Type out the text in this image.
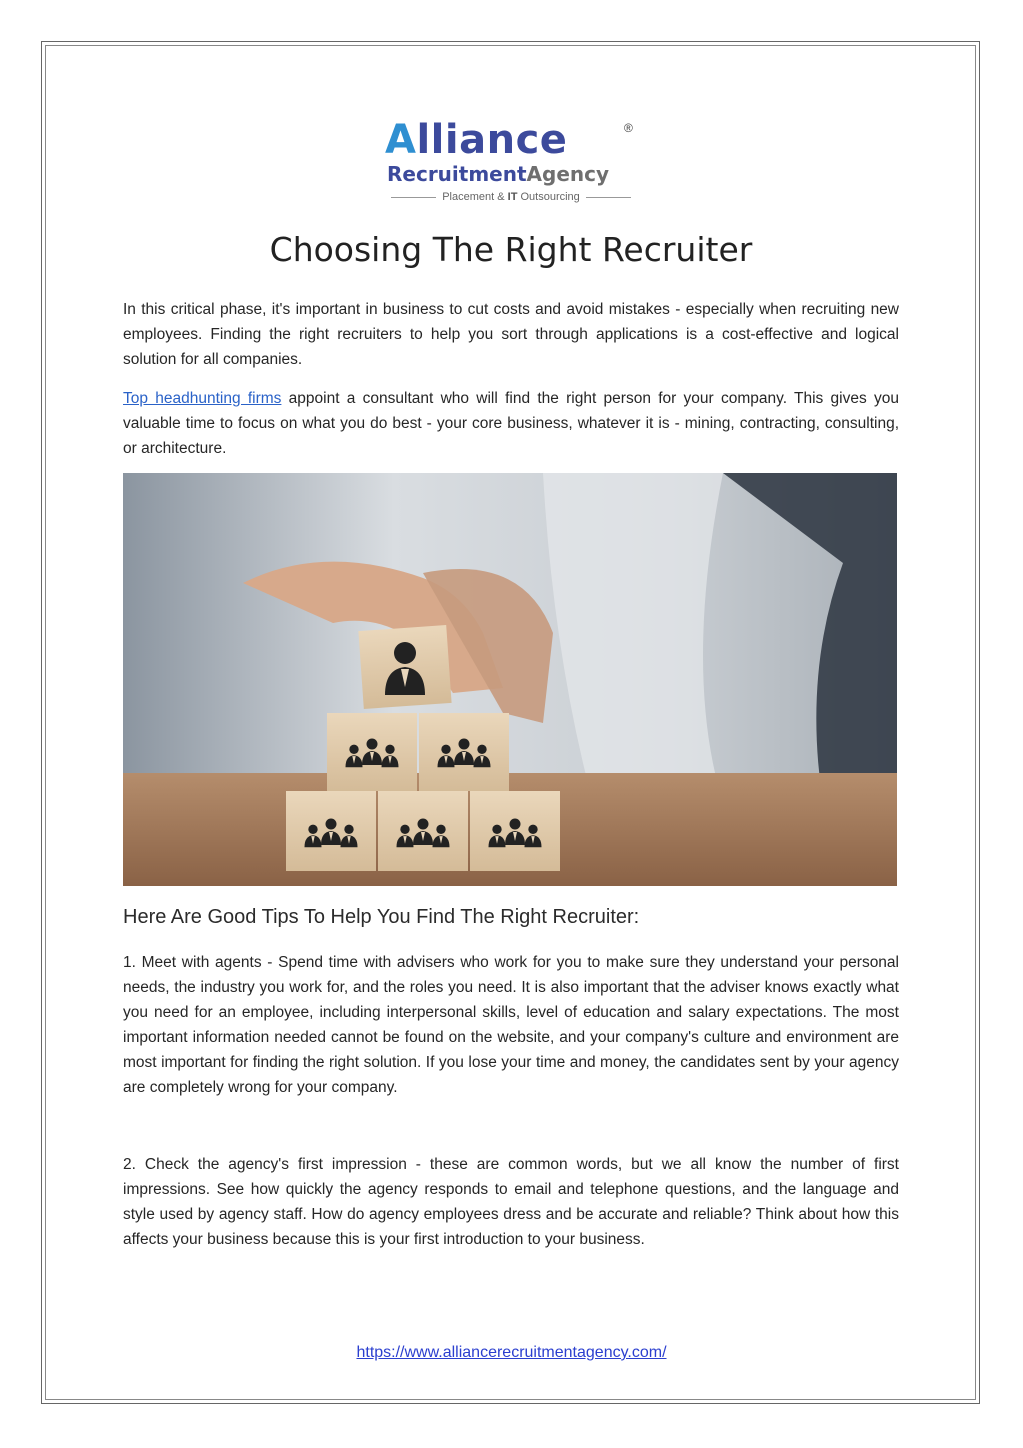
Alliance	®
RecruitmentAgency
Placement & IT Outsourcing
Choosing The Right Recruiter

In this critical phase, it's important in business to cut costs and avoid mistakes - especially when recruiting new employees. Finding the right recruiters to help you sort through applications is a cost-effective and logical solution for all companies.

Top headhunting firms appoint a consultant who will find the right person for your company. This gives you valuable time to focus on what you do best - your core business, whatever it is - mining, contracting, consulting, or architecture.

Here Are Good Tips To Help You Find The Right Recruiter:

1. Meet with agents - Spend time with advisers who work for you to make sure they understand your personal needs, the industry you work for, and the roles you need. It is also important that the adviser knows exactly what you need for an employee, including interpersonal skills, level of education and salary expectations. The most important information needed cannot be found on the website, and your company's culture and environment are most important for finding the right solution. If you lose your time and money, the candidates sent by your agency are completely wrong for your company.

2. Check the agency's first impression - these are common words, but we all know the number of first impressions. See how quickly the agency responds to email and telephone questions, and the language and style used by agency staff. How do agency employees dress and be accurate and reliable? Think about how this affects your business because this is your first introduction to your business.

https://www.alliancerecruitmentagency.com/
